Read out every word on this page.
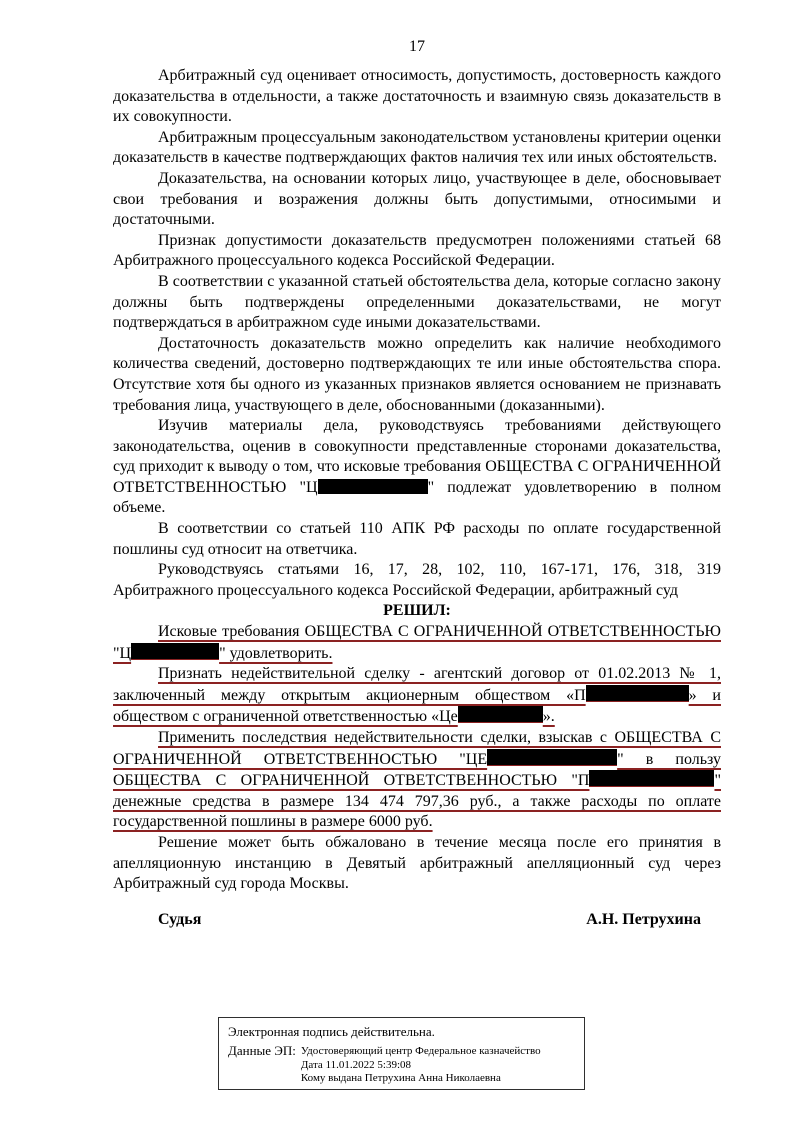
17

Арбитражный суд оценивает относимость, допустимость, достоверность каждого доказательства в отдельности, а также достаточность и взаимную связь доказательств в их совокупности.

Арбитражным процессуальным законодательством установлены критерии оценки доказательств в качестве подтверждающих фактов наличия тех или иных обстоятельств.

Доказательства, на основании которых лицо, участвующее в деле, обосновывает свои требования и возражения должны быть допустимыми, относимыми и достаточными.

Признак допустимости доказательств предусмотрен положениями статьей 68 Арбитражного процессуального кодекса Российской Федерации.

В соответствии с указанной статьей обстоятельства дела, которые согласно закону должны быть подтверждены определенными доказательствами, не могут подтверждаться в арбитражном суде иными доказательствами.

Достаточность доказательств можно определить как наличие необходимого количества сведений, достоверно подтверждающих те или иные обстоятельства спора. Отсутствие хотя бы одного из указанных признаков является основанием не признавать требования лица, участвующего в деле, обоснованными (доказанными).

Изучив материалы дела, руководствуясь требованиями действующего законодательства, оценив в совокупности представленные сторонами доказательства, суд приходит к выводу о том, что исковые требования ОБЩЕСТВА С ОГРАНИЧЕННОЙ ОТВЕТСТВЕННОСТЬЮ "Ц	" подлежат удовлетворению в полном объеме.

В соответствии со статьей 110 АПК РФ расходы по оплате государственной пошлины суд относит на ответчика.

Руководствуясь статьями 16, 17, 28, 102, 110, 167-171, 176, 318, 319 Арбитражного процессуального кодекса Российской Федерации, арбитражный суд

РЕШИЛ:

Исковые требования ОБЩЕСТВА С ОГРАНИЧЕННОЙ ОТВЕТСТВЕННОСТЬЮ "Ц	" удовлетворить.

Признать недействительной сделку - агентский договор от 01.02.2013 № 1, заключенный между открытым акционерным обществом «П	» и обществом с ограниченной ответственностью «Це	».

Применить последствия недействительности сделки, взыскав с ОБЩЕСТВА С ОГРАНИЧЕННОЙ ОТВЕТСТВЕННОСТЬЮ "ЦЕ	" в пользу ОБЩЕСТВА С ОГРАНИЧЕННОЙ ОТВЕТСТВЕННОСТЬЮ "П	" денежные средства в размере 134 474 797,36 руб., а также расходы по оплате государственной пошлины в размере 6000 руб.

Решение может быть обжаловано в течение месяца после его принятия в апелляционную инстанцию в Девятый арбитражный апелляционный суд через Арбитражный суд города Москвы.

Судья	А.Н. Петрухина

Электронная подпись действительна.

Данные ЭП: Удостоверяющий центр Федеральное казначейство
Дата 11.01.2022 5:39:08
Кому выдана Петрухина Анна Николаевна
